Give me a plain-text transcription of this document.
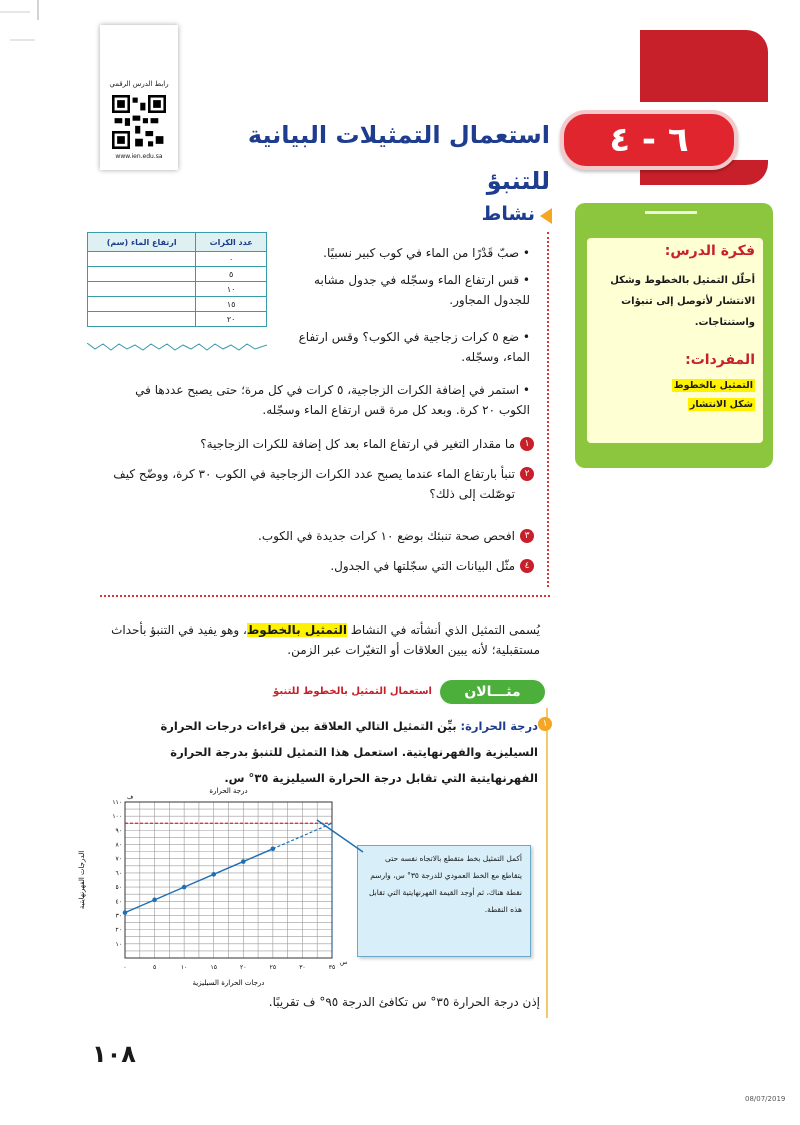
٦ - ٤
استعمال التمثيلات البيانية للتنبؤ
رابط الدرس الرقمي
www.ien.edu.sa
فكرة الدرس:
أحلّل التمثيل بالخطوط وشكل الانتشار لأتوصل إلى تنبؤات واستنتاجات.
المفردات:
التمثيل بالخطوط
شكل الانتشار
نشاط
• صبّ قَدْرًا من الماء في كوب كبير نسبيًا.
• قس ارتفاع الماء وسجّله في جدول مشابه للجدول المجاور.
• ضع ٥ كرات زجاجية في الكوب؟ وقس ارتفاع الماء، وسجّله.
• استمر في إضافة الكرات الزجاجية، ٥ كرات في كل مرة؛ حتى يصبح عددها في الكوب ٢٠ كرة. وبعد كل مرة قس ارتفاع الماء وسجّله.
١
ما مقدار التغير في ارتفاع الماء بعد كل إضافة للكرات الزجاجية؟
٢
تنبأ بارتفاع الماء عندما يصبح عدد الكرات الزجاجية في الكوب ٣٠ كرة، ووضّح كيف توصّلت إلى ذلك؟
٣
افحص صحة تنبئك بوضع ١٠ كرات جديدة في الكوب.
٤
مثّل البيانات التي سجّلتها في الجدول.
عدد الكرات	ارتفاع الماء (سم)
٠	
٥	
١٠	
١٥	
٢٠	
يُسمى التمثيل الذي أنشأته في النشاط التمثيل بالخطوط، وهو يفيد في التنبؤ بأحداث مستقبلية؛ لأنه يبين العلاقات أو التغيّرات عبر الزمن.
مثـــالان
استعمال التمثيل بالخطوط للتنبؤ
١
درجة الحرارة: بيِّن التمثيل التالي العلاقة بين قراءات درجات الحرارة السيليزية والفهرنهايتية. استعمل هذا التمثيل للتنبؤ بدرجة الحرارة الفهرنهايتية التي تقابل درجة الحرارة السيليزية ٣٥° س.
٠	٥	١٠	١٥	٢٠	٢٥	٣٠	٣٥
١٠
٢٠
٣٠
٤٠
٥٠
٦٠
٧٠
٨٠
٩٠
١٠٠
١١٠
س
ف
درجة الحرارة
درجات الحرارة السيليزية
الدرجات الفهرنهايتية	أكمل التمثيل بخط متقطع بالاتجاه نفسه حتى يتقاطع مع الخط العمودي للدرجة ٣٥° س، وارسم نقطة هناك، ثم أوجد القيمة الفهرنهايتية التي تقابل هذه النقطة.
إذن درجة الحرارة ٣٥° س تكافئ الدرجة ٩٥° ف تقريبًا.
١٠٨
08/07/2019
